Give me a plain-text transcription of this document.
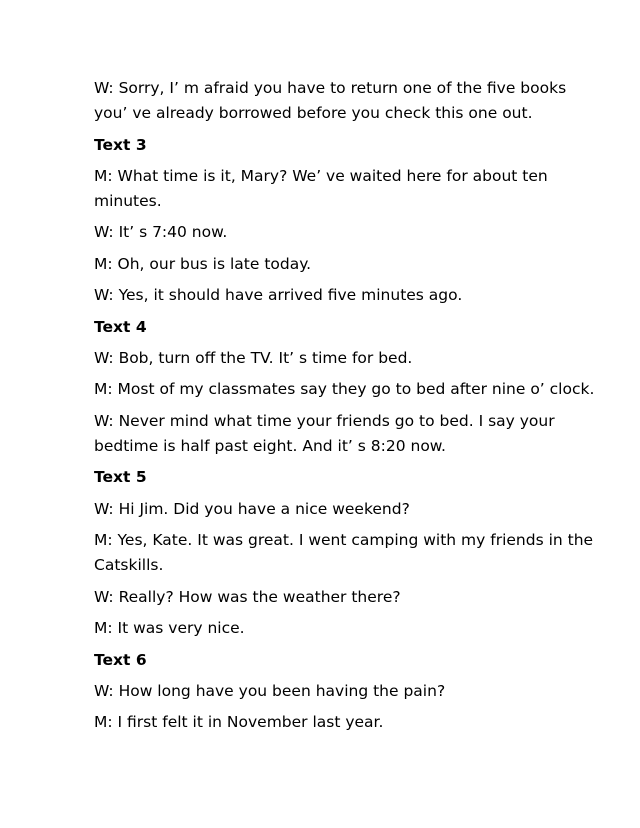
W: Sorry, I’ m afraid you have to return one of the five books
you’ ve already borrowed before you check this one out.
Text 3
M: What time is it, Mary? We’ ve waited here for about ten
minutes.
W: It’ s 7:40 now.
M: Oh, our bus is late today.
W: Yes, it should have arrived five minutes ago.
Text 4
W: Bob, turn off the TV. It’ s time for bed.
M: Most of my classmates say they go to bed after nine o’ clock.
W: Never mind what time your friends go to bed. I say your
bedtime is half past eight. And it’ s 8:20 now.
Text 5
W: Hi Jim. Did you have a nice weekend?
M: Yes, Kate. It was great. I went camping with my friends in the
Catskills.
W: Really? How was the weather there?
M: It was very nice.
Text 6
W: How long have you been having the pain?
M: I first felt it in November last year.
